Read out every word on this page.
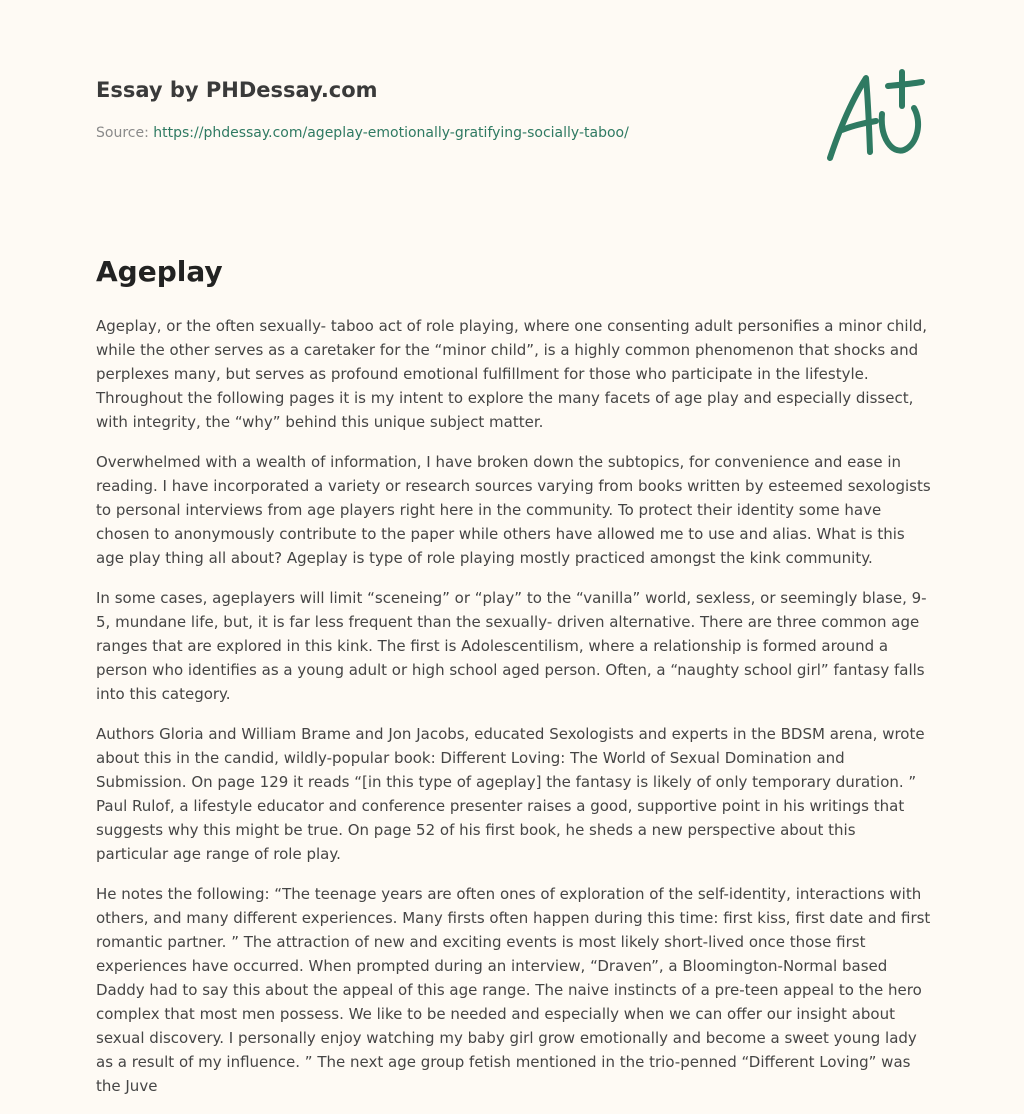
Essay by PHDessay.com
Source: https://phdessay.com/ageplay-emotionally-gratifying-socially-taboo/
Ageplay

Ageplay, or the often sexually- taboo act of role playing, where one consenting adult personifies a minor child, while the other serves as a caretaker for the “minor child”, is a highly common phenomenon that shocks and perplexes many, but serves as profound emotional fulfillment for those who participate in the lifestyle. Throughout the following pages it is my intent to explore the many facets of age play and especially dissect, with integrity, the “why” behind this unique subject matter.

Overwhelmed with a wealth of information, I have broken down the subtopics, for convenience and ease in reading. I have incorporated a variety or research sources varying from books written by esteemed sexologists to personal interviews from age players right here in the community. To protect their identity some have chosen to anonymously contribute to the paper while others have allowed me to use and alias. What is this age play thing all about? Ageplay is type of role playing mostly practiced amongst the kink community.

In some cases, ageplayers will limit “sceneing” or “play” to the “vanilla” world, sexless, or seemingly blase, 9-5, mundane life, but, it is far less frequent than the sexually- driven alternative. There are three common age ranges that are explored in this kink. The first is Adolescentilism, where a relationship is formed around a person who identifies as a young adult or high school aged person. Often, a “naughty school girl” fantasy falls into this category.

Authors Gloria and William Brame and Jon Jacobs, educated Sexologists and experts in the BDSM arena, wrote about this in the candid, wildly-popular book: Different Loving: The World of Sexual Domination and Submission. On page 129 it reads “[in this type of ageplay] the fantasy is likely of only temporary duration. ” Paul Rulof, a lifestyle educator and conference presenter raises a good, supportive point in his writings that suggests why this might be true. On page 52 of his first book, he sheds a new perspective about this particular age range of role play.

He notes the following: “The teenage years are often ones of exploration of the self-identity, interactions with others, and many different experiences. Many firsts often happen during this time: first kiss, first date and first romantic partner. ” The attraction of new and exciting events is most likely short-lived once those first experiences have occurred. When prompted during an interview, “Draven”, a Bloomington-Normal based Daddy had to say this about the appeal of this age range. The naive instincts of a pre-teen appeal to the hero complex that most men possess. We like to be needed and especially when we can offer our insight about sexual discovery. I personally enjoy watching my baby girl grow emotionally and become a sweet young lady as a result of my influence. ” The next age group fetish mentioned in the trio-penned “Different Loving” was the Juve
